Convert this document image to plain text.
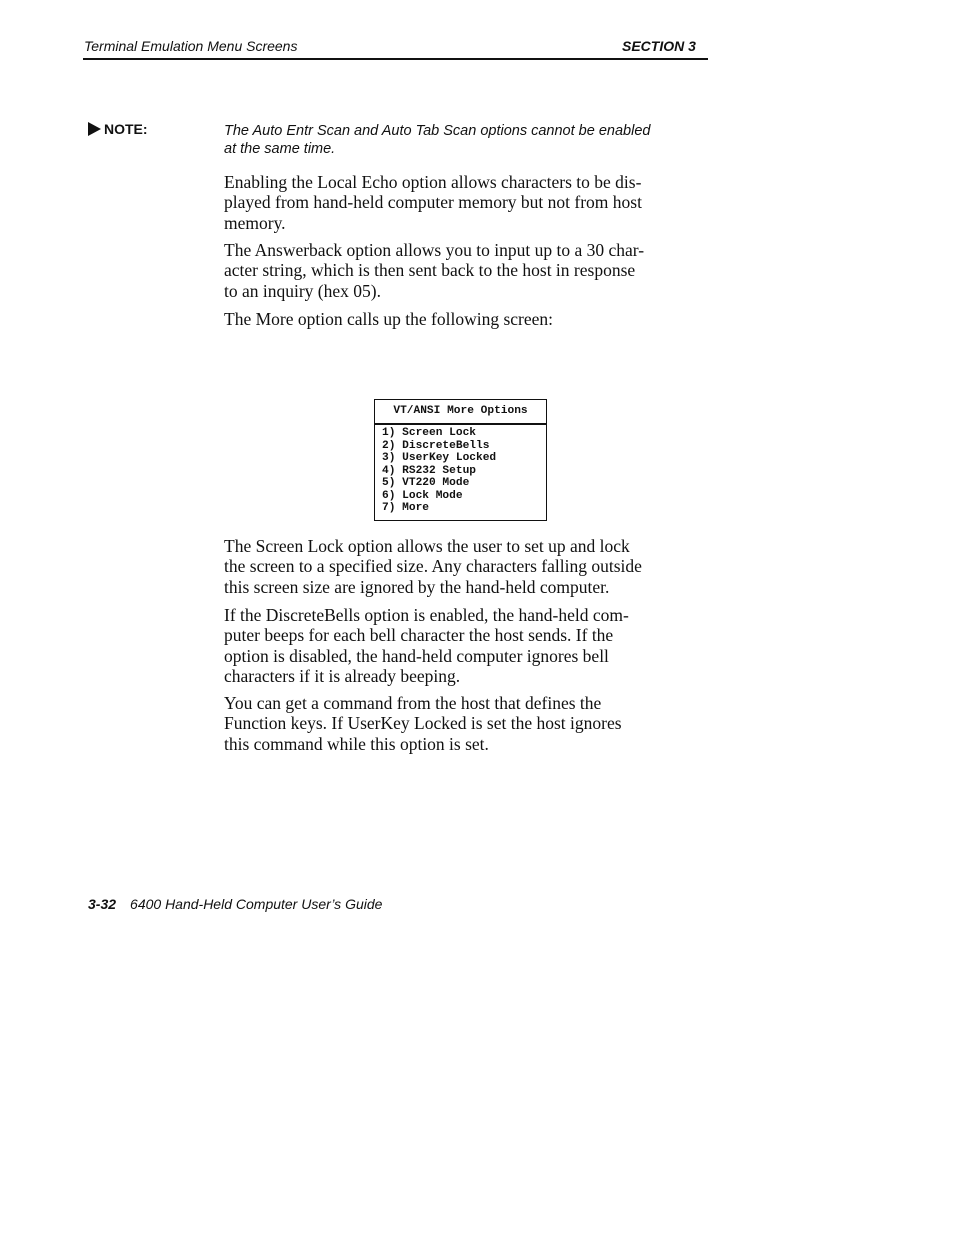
Terminal Emulation Menu Screens	SECTION 3
NOTE:	The Auto Entr Scan and Auto Tab Scan options cannot be enabled
at the same time.

Enabling the Local Echo option allows characters to be dis-
played from hand-held computer memory but not from host
memory.

The Answerback option allows you to input up to a 30 char-
acter string, which is then sent back to the host in response
to an inquiry (hex 05).

The More option calls up the following screen:

VT/ANSI More Options
1) Screen Lock
2) DiscreteBells
3) UserKey Locked
4) RS232 Setup
5) VT220 Mode
6) Lock Mode
7) More

The Screen Lock option allows the user to set up and lock
the screen to a specified size. Any characters falling outside
this screen size are ignored by the hand-held computer.

If the DiscreteBells option is enabled, the hand-held com-
puter beeps for each bell character the host sends. If the
option is disabled, the hand-held computer ignores bell
characters if it is already beeping.

You can get a command from the host that defines the
Function keys. If UserKey Locked is set the host ignores
this command while this option is set.

3-32 6400 Hand-Held Computer User’s Guide
